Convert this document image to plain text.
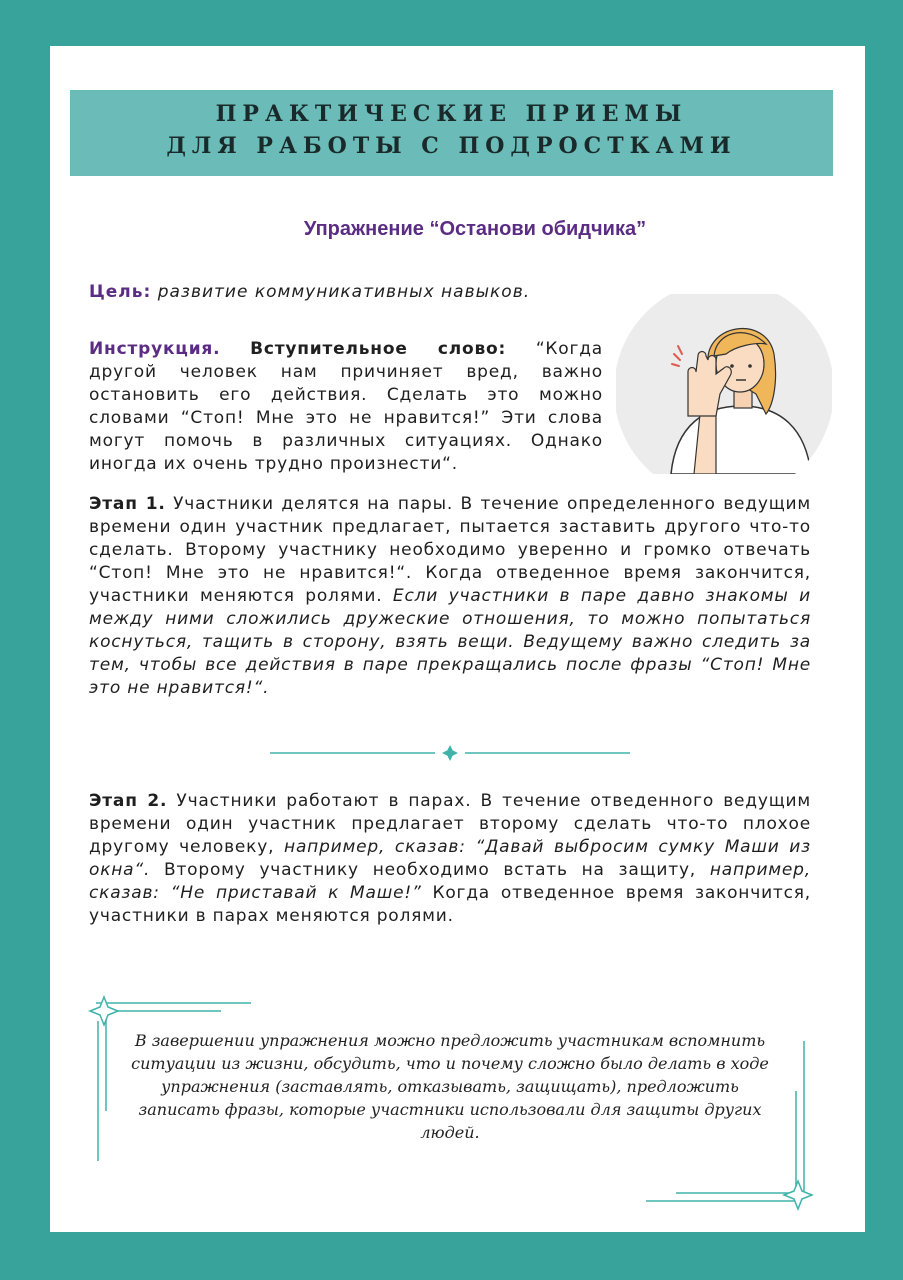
ПРАКТИЧЕСКИЕ ПРИЕМЫ
ДЛЯ РАБОТЫ С ПОДРОСТКАМИ
Упражнение “Останови обидчика”
Цель: развитие коммуникативных навыков.
Инструкция. Вступительное слово: “Когда другой человек нам причиняет вред, важно остановить его действия. Сделать это можно словами “Стоп! Мне это не нравится!” Эти слова могут помочь в различных ситуациях. Однако иногда их очень трудно произнести“.
Этап 1. Участники делятся на пары. В течение определенного ведущим времени один участник предлагает, пытается заставить другого что-то сделать. Второму участнику необходимо уверенно и громко отвечать “Стоп! Мне это не нравится!“. Когда отведенное время закончится, участники меняются ролями. Если участники в паре давно знакомы и между ними сложились дружеские отношения, то можно попытаться коснуться, тащить в сторону, взять вещи. Ведущему важно следить за тем, чтобы все действия в паре прекращались после фразы “Стоп! Мне это не нравится!“.
Этап 2. Участники работают в парах. В течение отведенного ведущим времени один участник предлагает второму сделать что-то плохое другому человеку, например, сказав: “Давай выбросим сумку Маши из окна“. Второму участнику необходимо встать на защиту, например, сказав: “Не приставай к Маше!” Когда отведенное время закончится, участники в парах меняются ролями.
В завершении упражнения можно предложить участникам вспомнить ситуации из жизни, обсудить, что и почему сложно было делать в ходе упражнения (заставлять, отказывать, защищать), предложить записать фразы, которые участники использовали для защиты других людей.
